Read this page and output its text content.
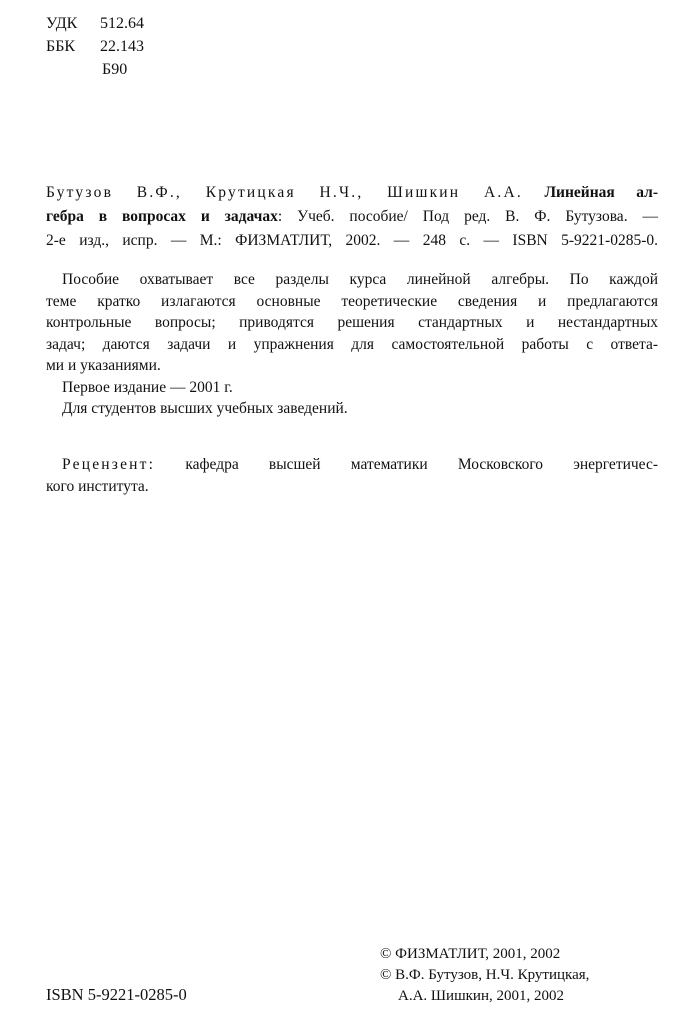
УДК 512.64
ББК 22.143
Б90
Бутузов В.Ф., Крутицкая Н.Ч., Шишкин А.А. Линейная ал-
гебра в вопросах и задачах: Учеб. пособие/ Под ред. В. Ф. Бутузова. —
2-е изд., испр. — М.: ФИЗМАТЛИТ, 2002. — 248 с. — ISBN 5-9221-0285-0.
Пособие охватывает все разделы курса линейной алгебры. По каждой
теме кратко излагаются основные теоретические сведения и предлагаются
контрольные вопросы; приводятся решения стандартных и нестандартных
задач; даются задачи и упражнения для самостоятельной работы с ответа-
ми и указаниями.
Первое издание — 2001 г.
Для студентов высших учебных заведений.
Рецензент: кафедра высшей математики Московского энергетичес-
кого института.
© ФИЗМАТЛИТ, 2001, 2002
© В.Ф. Бутузов, Н.Ч. Крутицкая,
А.А. Шишкин, 2001, 2002
ISBN 5-9221-0285-0
